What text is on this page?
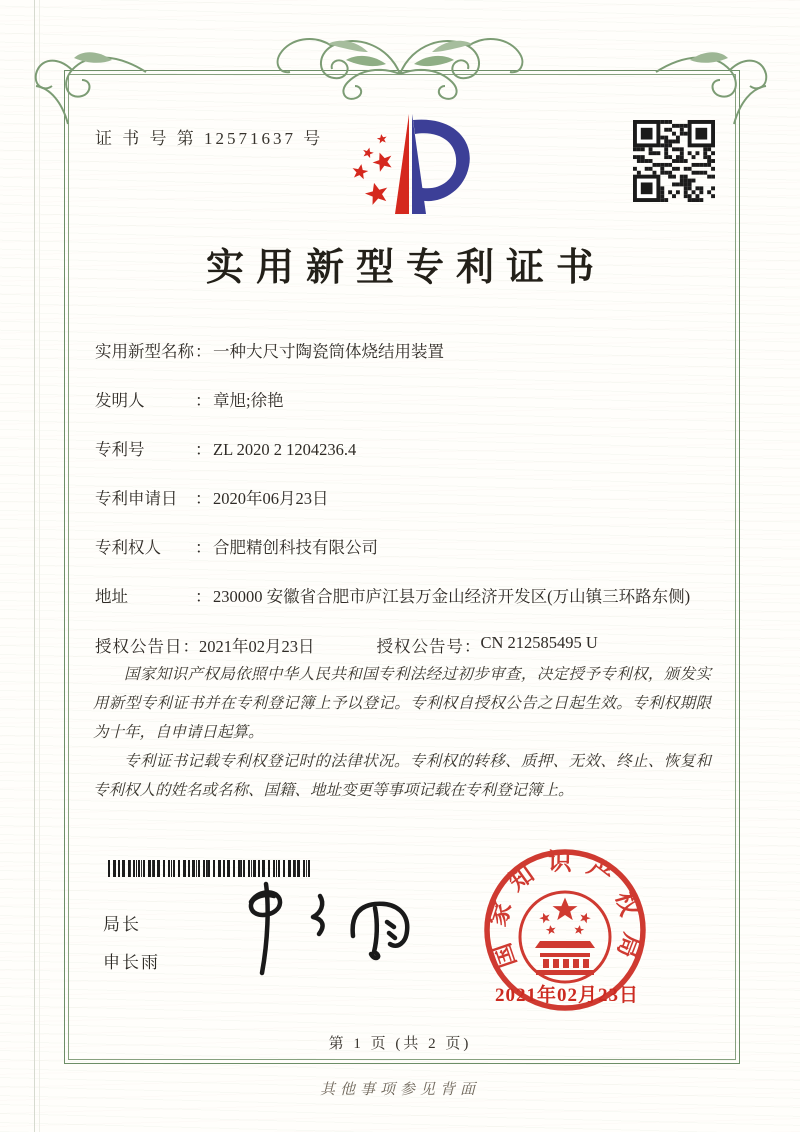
证 书 号 第 12571637 号
实用新型专利证书
实用新型名称 ： 一种大尺寸陶瓷筒体烧结用装置
发明人	： 章旭;徐艳
专利号	： ZL 2020 2 1204236.4
专利申请日	： 2020年06月23日
专利权人	： 合肥精创科技有限公司
地址	： 230000 安徽省合肥市庐江县万金山经济开发区(万山镇三环路东侧)
授权公告日 ： 2021年02月23日	授权公告号 ： CN 212585495 U

国家知识产权局依照中华人民共和国专利法经过初步审查，决定授予专利权，颁发实用新型专利证书并在专利登记簿上予以登记。专利权自授权公告之日起生效。专利权期限为十年，自申请日起算。

专利证书记载专利权登记时的法律状况。专利权的转移、质押、无效、终止、恢复和专利权人的姓名或名称、国籍、地址变更等事项记载在专利登记簿上。

局长
申长雨	国家知识产权局
2021年02月23日
第 1 页 (共 2 页)
其他事项参见背面
